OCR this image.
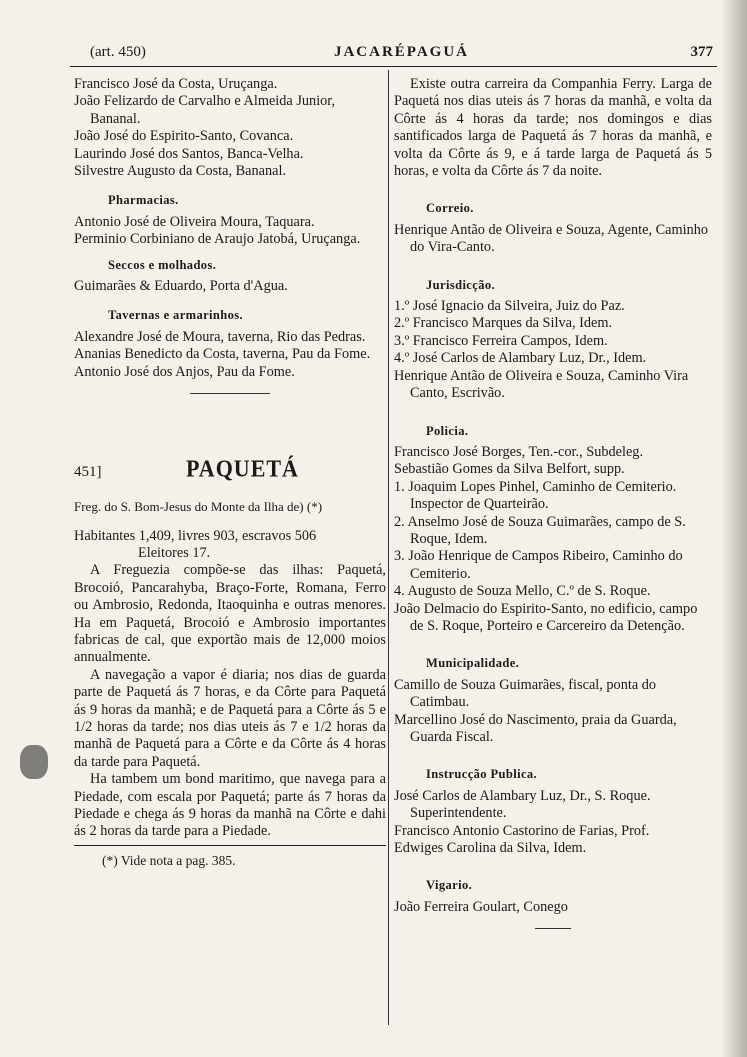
(art. 450)	JACARÉPAGUÁ	377

Francisco José da Costa, Uruçanga.

João Felizardo de Carvalho e Almeida Junior, Bananal.

João José do Espirito-Santo, Covanca.

Laurindo José dos Santos, Banca-Velha.

Silvestre Augusto da Costa, Bananal.

Pharmacias.

Antonio José de Oliveira Moura, Taquara.

Perminio Corbiniano de Araujo Jatobá, Uruçanga.

Seccos e molhados.

Guimarães & Eduardo, Porta d'Agua.

Tavernas e armarinhos.

Alexandre José de Moura, taverna, Rio das Pedras.

Ananias Benedicto da Costa, taverna, Pau da Fome.

Antonio José dos Anjos, Pau da Fome.

451]	PAQUETÁ

Freg. do S. Bom-Jesus do Monte da Ilha de) (*)

Habitantes 1,409, livres 903, escravos 506

Eleitores 17.

A Freguezia compõe-se das ilhas: Paquetá, Brocoió, Pancarahyba, Braço-Forte, Romana, Ferro ou Ambrosio, Redonda, Itaoquinha e outras menores. Ha em Paquetá, Brocoió e Ambrosio importantes fabricas de cal, que exportão mais de 12,000 moios annualmente.

A navegação a vapor é diaria; nos dias de guarda parte de Paquetá ás 7 horas, e da Côrte para Paquetá ás 9 horas da manhã; e de Paquetá para a Côrte ás 5 e 1/2 horas da tarde; nos dias uteis ás 7 e 1/2 horas da manhã de Paquetá para a Côrte e da Côrte ás 4 horas da tarde para Paquetá.

Ha tambem um bond maritimo, que navega para a Piedade, com escala por Paquetá; parte ás 7 horas da Piedade e chega ás 9 horas da manhã na Côrte e dahi ás 2 horas da tarde para a Piedade.

(*) Vide nota a pag. 385.

Existe outra carreira da Companhia Ferry. Larga de Paquetá nos dias uteis ás 7 horas da manhã, e volta da Côrte ás 4 horas da tarde; nos domingos e dias santificados larga de Paquetá ás 7 horas da manhã, e volta da Côrte ás 9, e á tarde larga de Paquetá ás 5 horas, e volta da Côrte ás 7 da noite.

Correio.

Henrique Antão de Oliveira e Souza, Agente, Caminho do Vira-Canto.

Jurisdicção.

1.º José Ignacio da Silveira, Juiz do Paz.

2.º Francisco Marques da Silva, Idem.

3.º Francisco Ferreira Campos, Idem.

4.º José Carlos de Alambary Luz, Dr., Idem.

Henrique Antão de Oliveira e Souza, Caminho Vira Canto, Escrivão.

Policia.

Francisco José Borges, Ten.-cor., Subdeleg.

Sebastião Gomes da Silva Belfort, supp.

1. Joaquim Lopes Pinhel, Caminho de Cemiterio. Inspector de Quarteirão.

2. Anselmo José de Souza Guimarães, campo de S. Roque, Idem.

3. João Henrique de Campos Ribeiro, Caminho do Cemiterio.

4. Augusto de Souza Mello, C.º de S. Roque.

João Delmacio do Espirito-Santo, no edificio, campo de S. Roque, Porteiro e Carcereiro da Detenção.

Municipalidade.

Camillo de Souza Guimarães, fiscal, ponta do Catimbau.

Marcellino José do Nascimento, praia da Guarda, Guarda Fiscal.

Instrucção Publica.

José Carlos de Alambary Luz, Dr., S. Roque. Superintendente.

Francisco Antonio Castorino de Farias, Prof.

Edwiges Carolina da Silva, Idem.

Vigario.

João Ferreira Goulart, Conego
